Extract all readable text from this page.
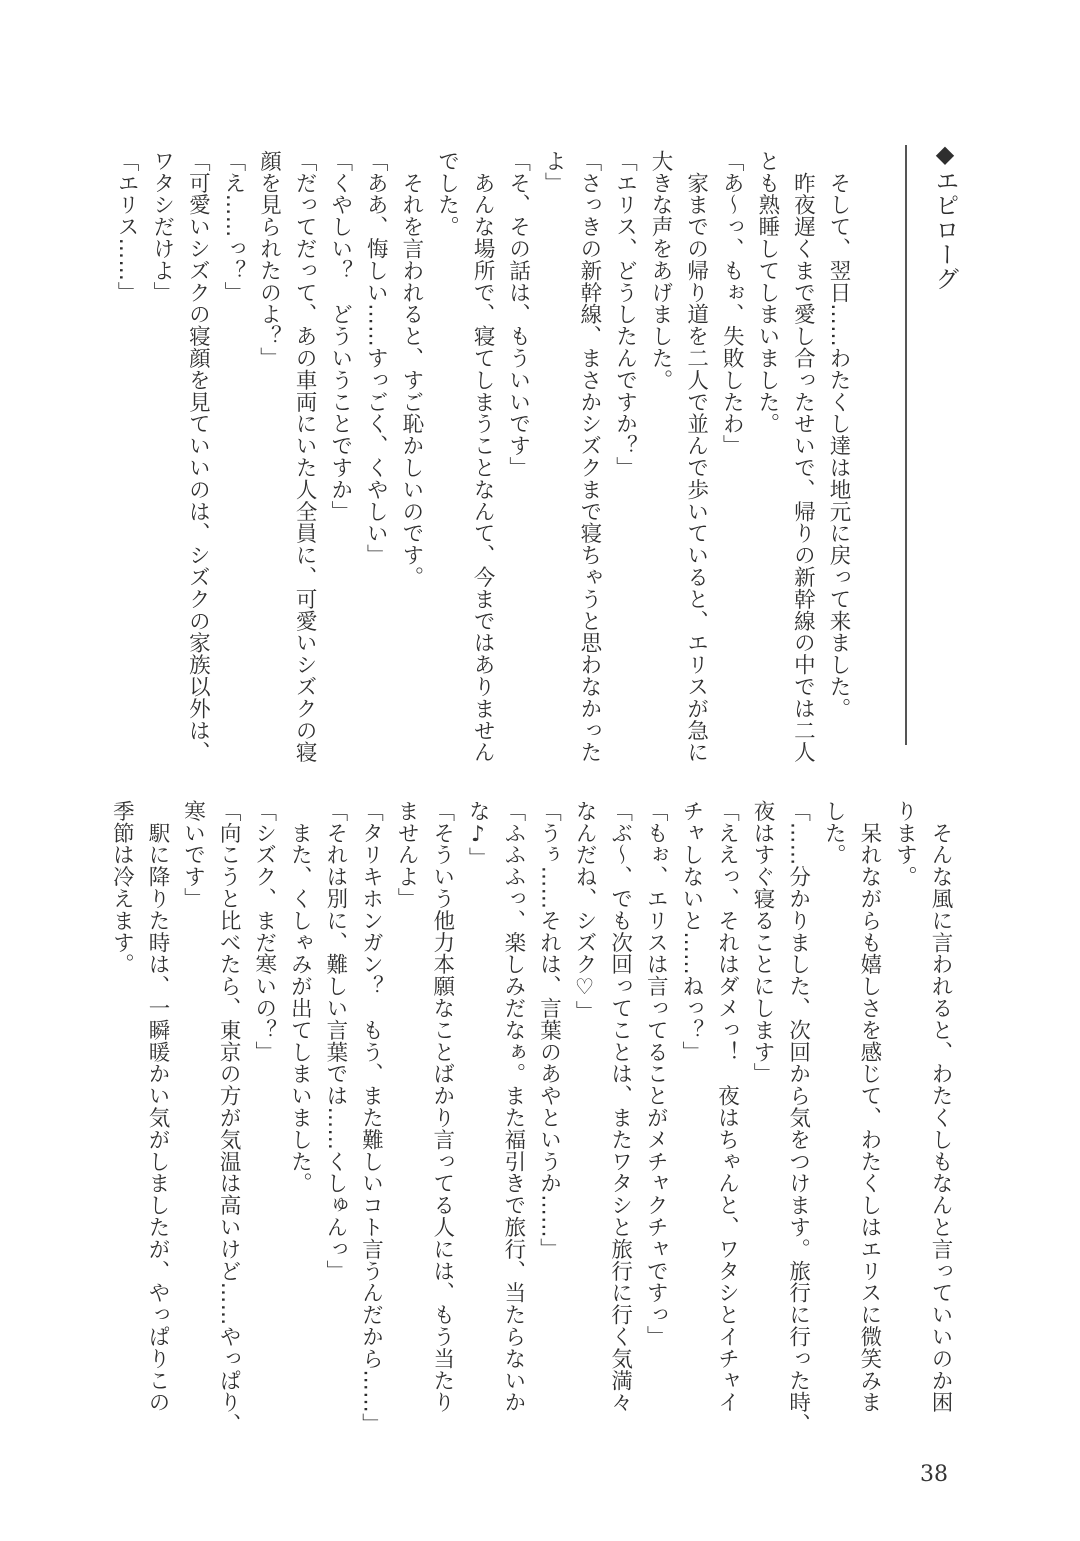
◆エピローグ
　そして、翌日……わたくし達は地元に戻って来ました。
　昨夜遅くまで愛し合ったせいで、帰りの新幹線の中では二人
とも熟睡してしまいました。
「あ〜っ、もぉ、失敗したわ」
　家までの帰り道を二人で並んで歩いていると、エリスが急に
大きな声をあげました。
「エリス、どうしたんですか？」
「さっきの新幹線、まさかシズクまで寝ちゃうと思わなかった
よ」
「そ、その話は、もういいです」
　あんな場所で、寝てしまうことなんて、今まではありません
でした。
　それを言われると、すご恥かしいのです。
「ああ、悔しい……すっごく、くやしい」
「くやしい？　どういうことですか」
「だってだって、あの車両にいた人全員に、可愛いシズクの寝
顔を見られたのよ？」
「え……っ？」
「可愛いシズクの寝顔を見ていいのは、シズクの家族以外は、
ワタシだけよ」
「エリス……」
　そんな風に言われると、わたくしもなんと言っていいのか困
ります。
　呆れながらも嬉しさを感じて、わたくしはエリスに微笑みま
した。
「……分かりました、次回から気をつけます。旅行に行った時、
夜はすぐ寝ることにします」
「ええっ、それはダメっ！　夜はちゃんと、ワタシとイチャイ
チャしないと……ねっ？」
「もぉ、エリスは言ってることがメチャクチャですっ」
「ぶ〜、でも次回ってことは、またワタシと旅行に行く気満々
なんだね、シズク♡」
「うぅ……それは、言葉のあやというか……」
「ふふふっ、楽しみだなぁ。また福引きで旅行、当たらないか
な♪」
「そういう他力本願なことばかり言ってる人には、もう当たり
ませんよ」
「タリキホンガン？　もう、また難しいコト言うんだから……」
「それは別に、難しい言葉では……くしゅんっ」
　また、くしゃみが出てしまいました。
「シズク、まだ寒いの？」
「向こうと比べたら、東京の方が気温は高いけど……やっぱり、
寒いです」
　駅に降りた時は、一瞬暖かい気がしましたが、やっぱりこの
季節は冷えます。
38
